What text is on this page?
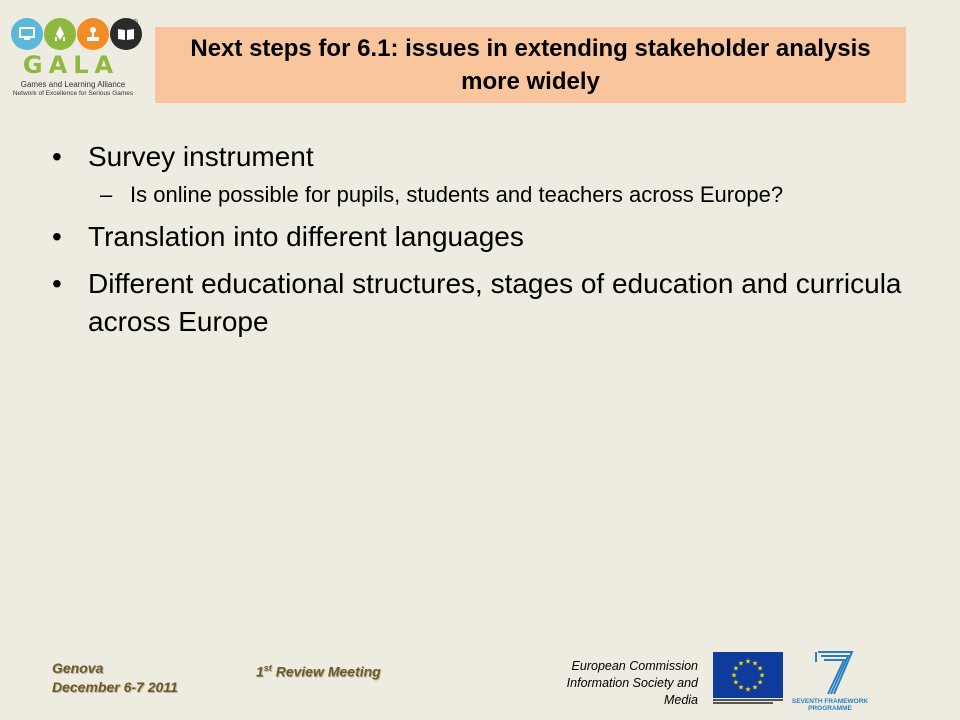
®
GALA
Games and Learning Alliance
Network of Excellence for Serious Games
Next steps for 6.1: issues in extending stakeholder analysis more widely
• Survey instrument
– Is online possible for pupils, students and teachers across Europe?
• Translation into different languages
• Different educational structures, stages of education and curricula across Europe
Genova
December 6-7 2011
1st Review Meeting	European Commission
Information Society and
Media
★ ★
★
★
★
★
★
★
★
★
★
★
SEVENTH FRAMEWORK
PROGRAMME
